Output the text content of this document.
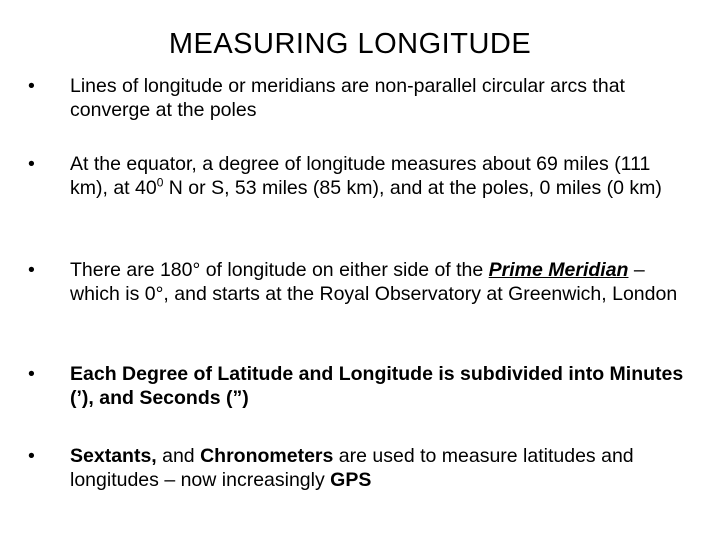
MEASURING LONGITUDE
•	Lines of longitude or meridians are non-parallel circular arcs that converge at the poles
•	At the equator, a degree of longitude measures about 69 miles (111 km), at $40^0$ N or S, 53 miles (85 km), and at the poles, 0 miles (0 km)
•	There are 180° of longitude on either side of the Prime Meridian – which is 0°, and starts at the Royal Observatory at Greenwich, London
•	Each Degree of Latitude and Longitude is subdivided into Minutes (’), and Seconds (”)
•	Sextants, and Chronometers are used to measure latitudes and longitudes – now increasingly GPS
